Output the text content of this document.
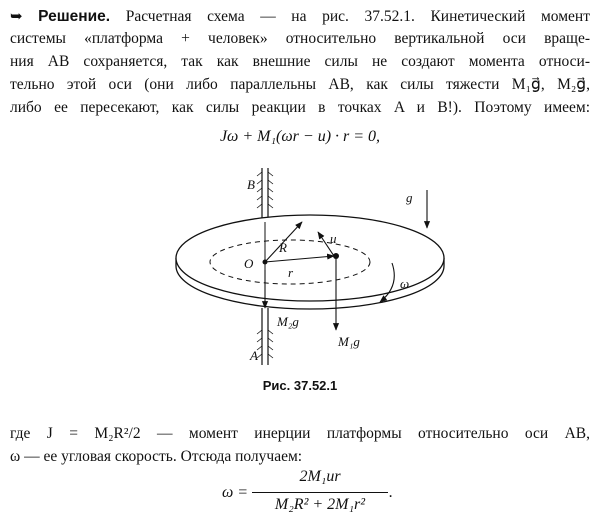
➥ Решение. Расчетная схема — на рис. 37.52.1. Кинетический момент
системы «платформа + человек» относительно вертикальной оси враще-
ния AB сохраняется, так как внешние силы не создают момента относи-
тельно этой оси (они либо параллельны AB, как силы тяжести M₁g⃗, M₂g⃗,
либо ее пересекают, как силы реакции в точках A и B!). Поэтому имеем:
Jω + M₁(ωr − u) · r = 0,
B
A
O
R
r
u⃗
g⃗
ω
M₂g⃗
M₁g⃗
Рис. 37.52.1
где J = M₂R²/2 — момент инерции платформы относительно оси AB,
ω — ее угловая скорость. Отсюда получаем:
ω =
2M₁ur
M₂R² + 2M₁r²
.
